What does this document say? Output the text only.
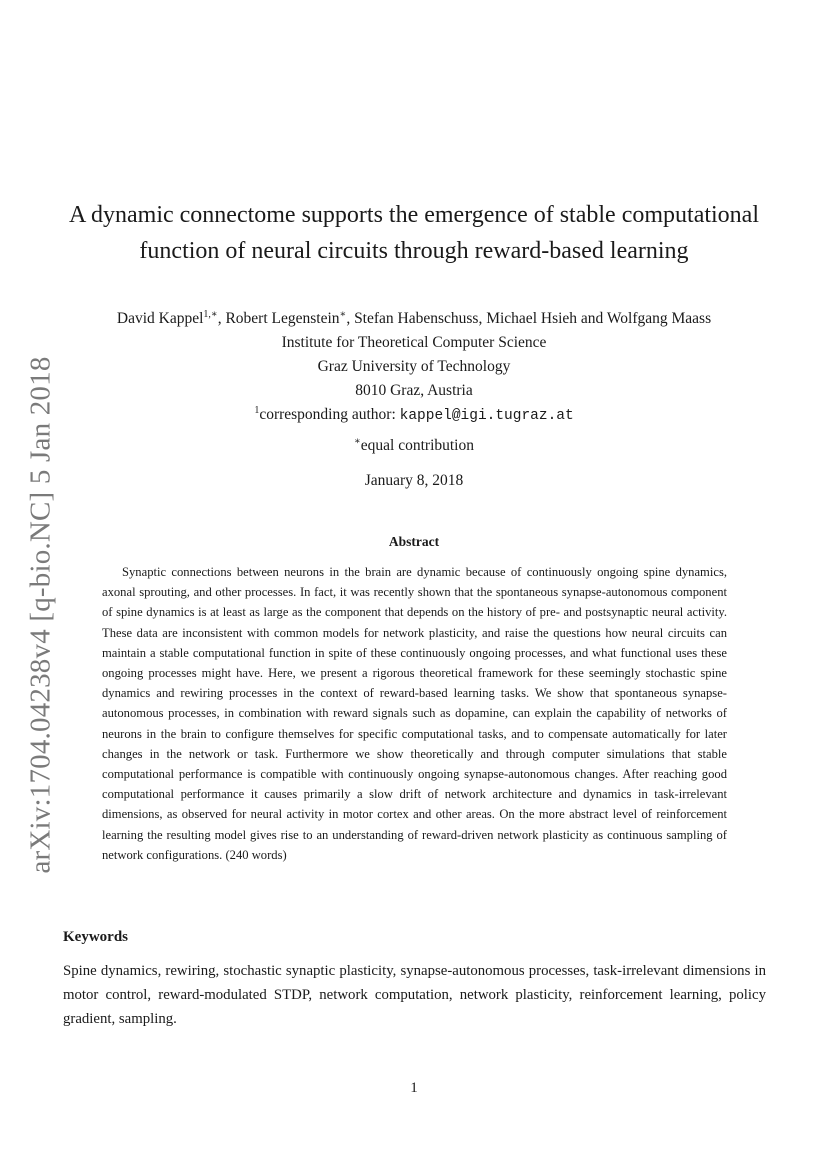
arXiv:1704.04238v4 [q-bio.NC] 5 Jan 2018
A dynamic connectome supports the emergence of stable computational
function of neural circuits through reward-based learning
David Kappel$^{1,∗}$, Robert Legenstein∗, Stefan Habenschuss, Michael Hsieh and Wolfgang Maass
Institute for Theoretical Computer Science
Graz University of Technology
8010 Graz, Austria
$^1$corresponding author: kappel@igi.tugraz.at
∗equal contribution
January 8, 2018
Abstract

Synaptic connections between neurons in the brain are dynamic because of continuously ongoing spine dynamics, axonal sprouting, and other processes. In fact, it was recently shown that the spontaneous synapse-autonomous component of spine dynamics is at least as large as the component that depends on the history of pre- and postsynaptic neural activity. These data are inconsistent with common models for network plasticity, and raise the questions how neural circuits can maintain a stable computational function in spite of these continuously ongoing processes, and what functional uses these ongoing processes might have. Here, we present a rigorous theoretical framework for these seemingly stochastic spine dynamics and rewiring processes in the context of reward-based learning tasks. We show that spontaneous synapse-autonomous processes, in combination with reward signals such as dopamine, can explain the capability of networks of neurons in the brain to configure themselves for specific computational tasks, and to compensate automatically for later changes in the network or task. Furthermore we show theoretically and through computer simulations that stable computational performance is compatible with continuously ongoing synapse-autonomous changes. After reaching good computational performance it causes primarily a slow drift of network architecture and dynamics in task-irrelevant dimensions, as observed for neural activity in motor cortex and other areas. On the more abstract level of reinforcement learning the resulting model gives rise to an understanding of reward-driven network plasticity as continuous sampling of network configurations. (240 words)

Keywords

Spine dynamics, rewiring, stochastic synaptic plasticity, synapse-autonomous processes, task-irrelevant dimensions in motor control, reward-modulated STDP, network computation, network plasticity, reinforcement learning, policy gradient, sampling.

1
